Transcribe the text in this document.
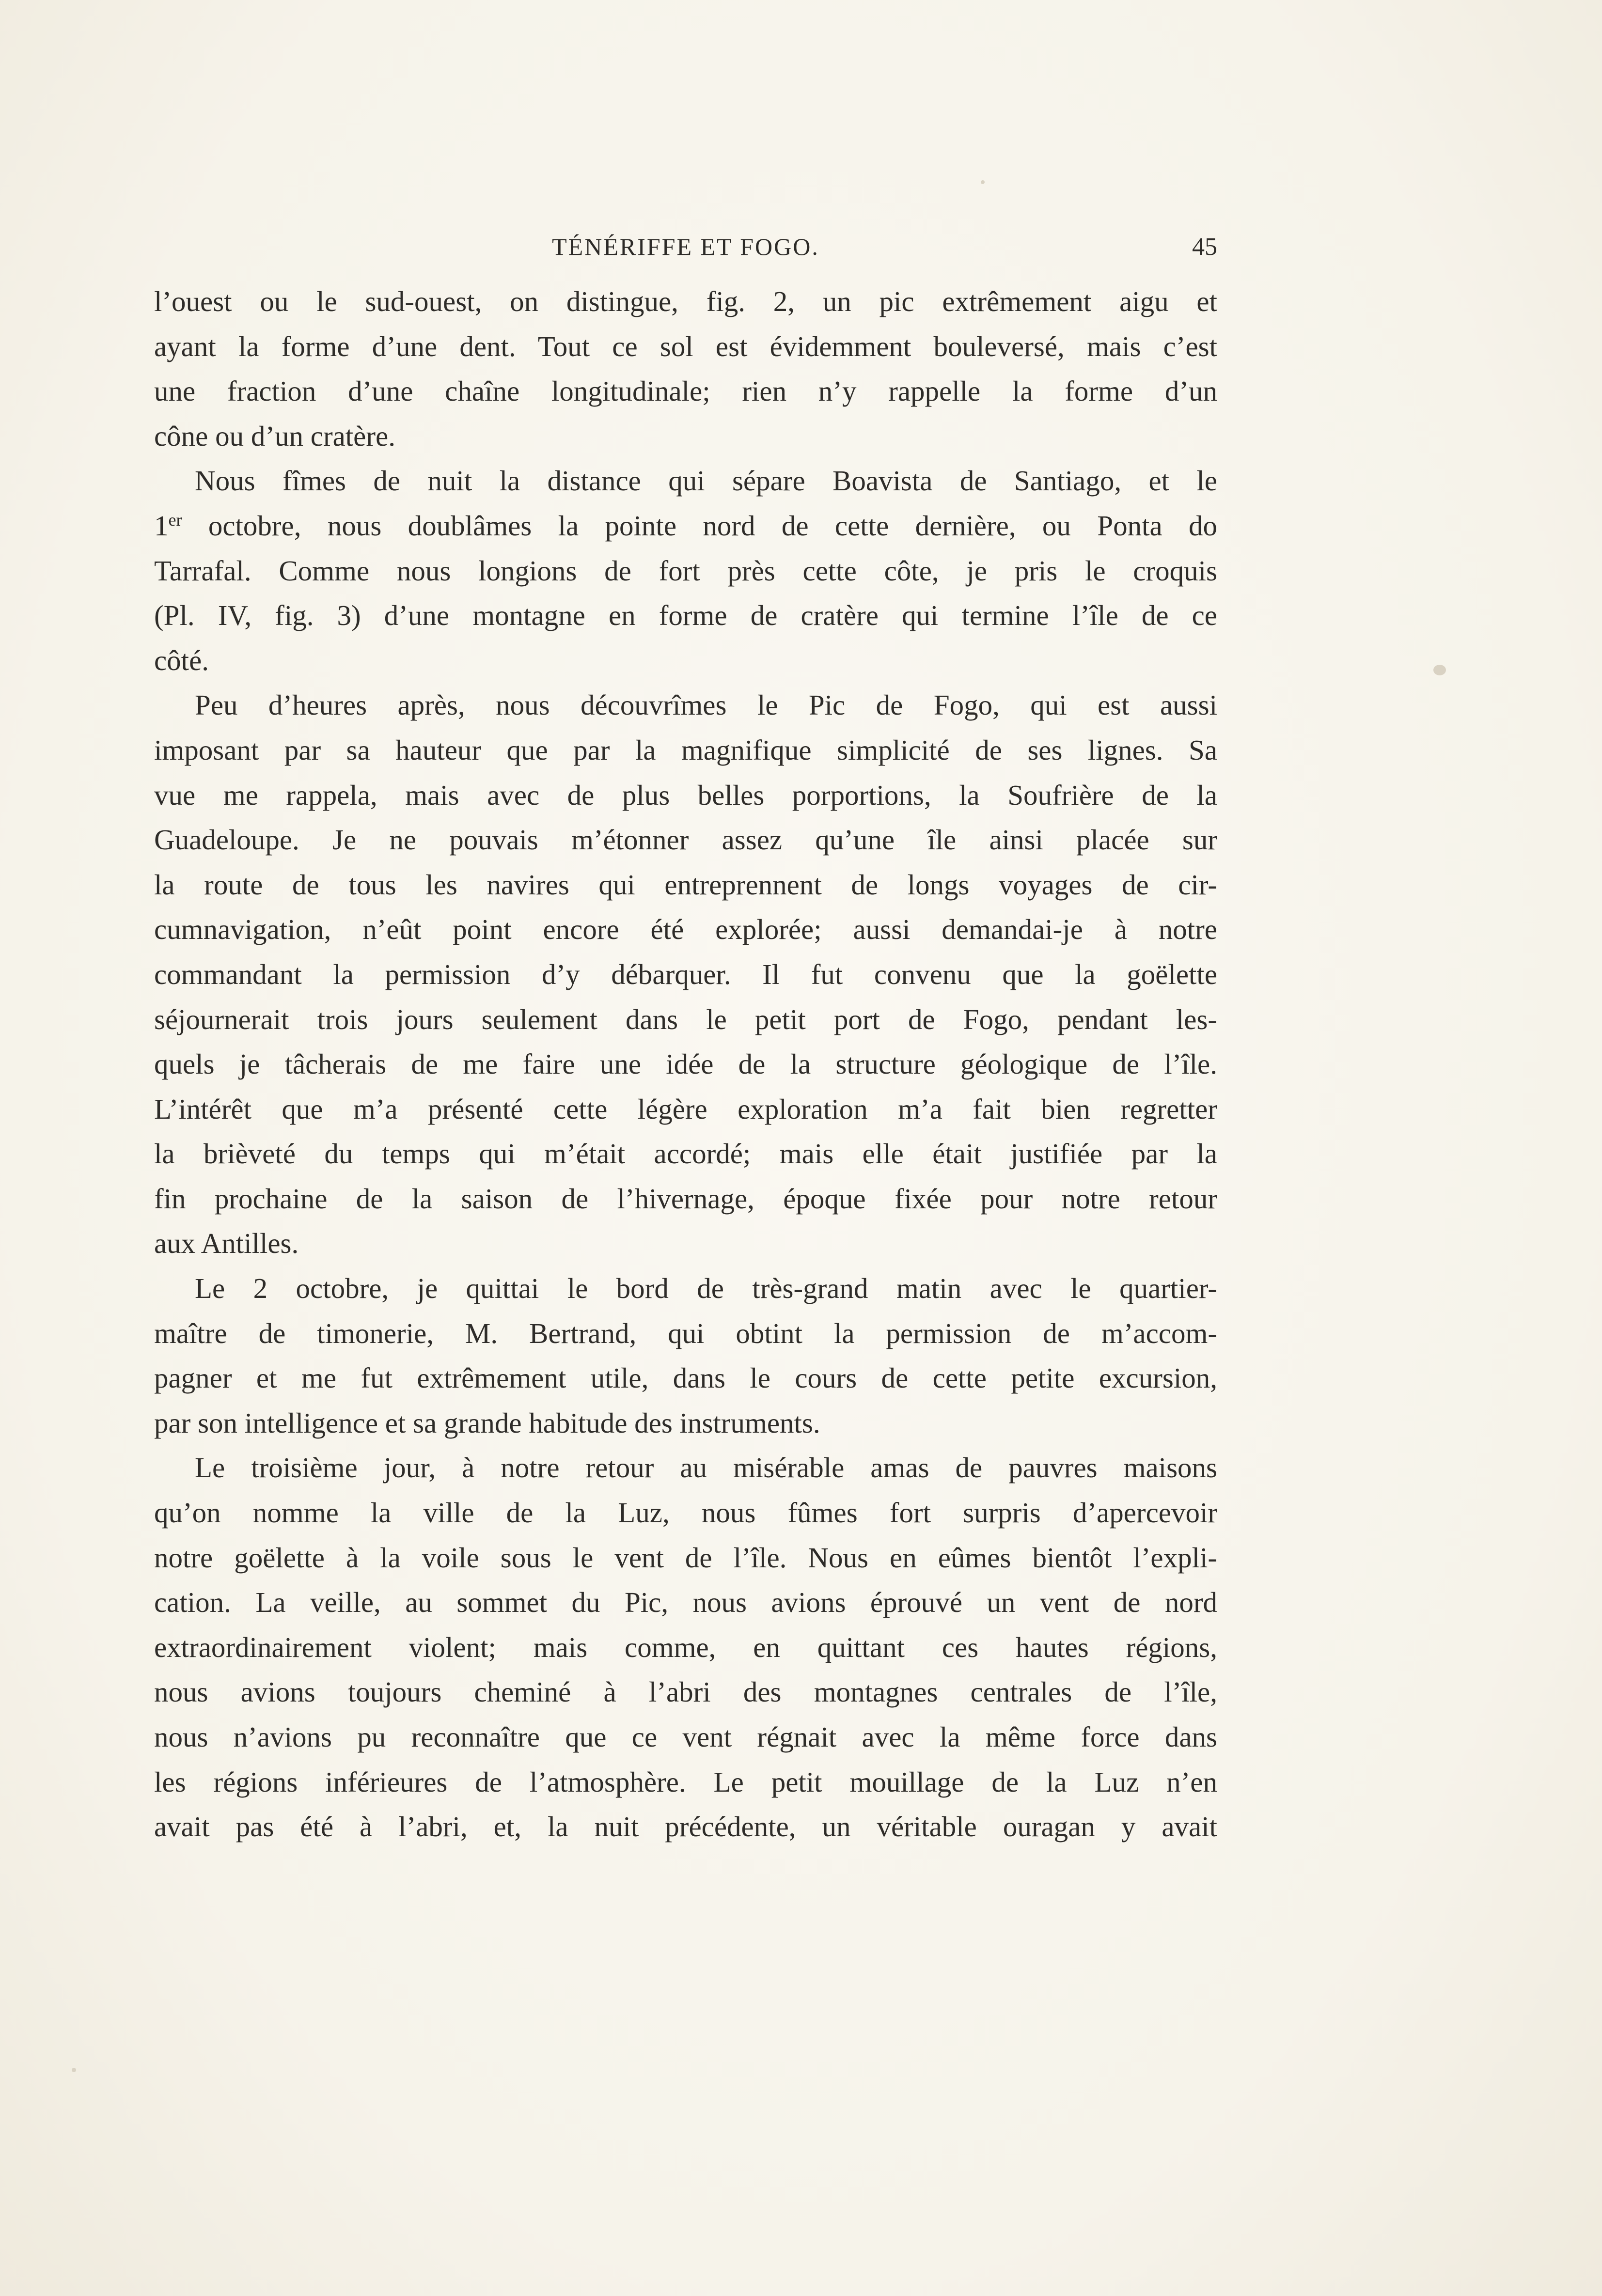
TÉNÉRIFFE ET FOGO.	45
l’ouest ou le sud-ouest, on distingue, fig. 2, un pic extrêmement aigu et
ayant la forme d’une dent. Tout ce sol est évidemment bouleversé, mais c’est
une fraction d’une chaîne longitudinale; rien n’y rappelle la forme d’un
cône ou d’un cratère.
Nous fîmes de nuit la distance qui sépare Boavista de Santiago, et le
1er octobre, nous doublâmes la pointe nord de cette dernière, ou Ponta do
Tarrafal. Comme nous longions de fort près cette côte, je pris le croquis
(Pl. IV, fig. 3) d’une montagne en forme de cratère qui termine l’île de ce
côté.
Peu d’heures après, nous découvrîmes le Pic de Fogo, qui est aussi
imposant par sa hauteur que par la magnifique simplicité de ses lignes. Sa
vue me rappela, mais avec de plus belles porportions, la Soufrière de la
Guadeloupe. Je ne pouvais m’étonner assez qu’une île ainsi placée sur
la route de tous les navires qui entreprennent de longs voyages de cir-
cumnavigation, n’eût point encore été explorée; aussi demandai-je à notre
commandant la permission d’y débarquer. Il fut convenu que la goëlette
séjournerait trois jours seulement dans le petit port de Fogo, pendant les-
quels je tâcherais de me faire une idée de la structure géologique de l’île.
L’intérêt que m’a présenté cette légère exploration m’a fait bien regretter
la brièveté du temps qui m’était accordé; mais elle était justifiée par la
fin prochaine de la saison de l’hivernage, époque fixée pour notre retour
aux Antilles.
Le 2 octobre, je quittai le bord de très-grand matin avec le quartier-
maître de timonerie, M. Bertrand, qui obtint la permission de m’accom-
pagner et me fut extrêmement utile, dans le cours de cette petite excursion,
par son intelligence et sa grande habitude des instruments.
Le troisième jour, à notre retour au misérable amas de pauvres maisons
qu’on nomme la ville de la Luz, nous fûmes fort surpris d’apercevoir
notre goëlette à la voile sous le vent de l’île. Nous en eûmes bientôt l’expli-
cation. La veille, au sommet du Pic, nous avions éprouvé un vent de nord
extraordinairement violent; mais comme, en quittant ces hautes régions,
nous avions toujours cheminé à l’abri des montagnes centrales de l’île,
nous n’avions pu reconnaître que ce vent régnait avec la même force dans
les régions inférieures de l’atmosphère. Le petit mouillage de la Luz n’en
avait pas été à l’abri, et, la nuit précédente, un véritable ouragan y avait
